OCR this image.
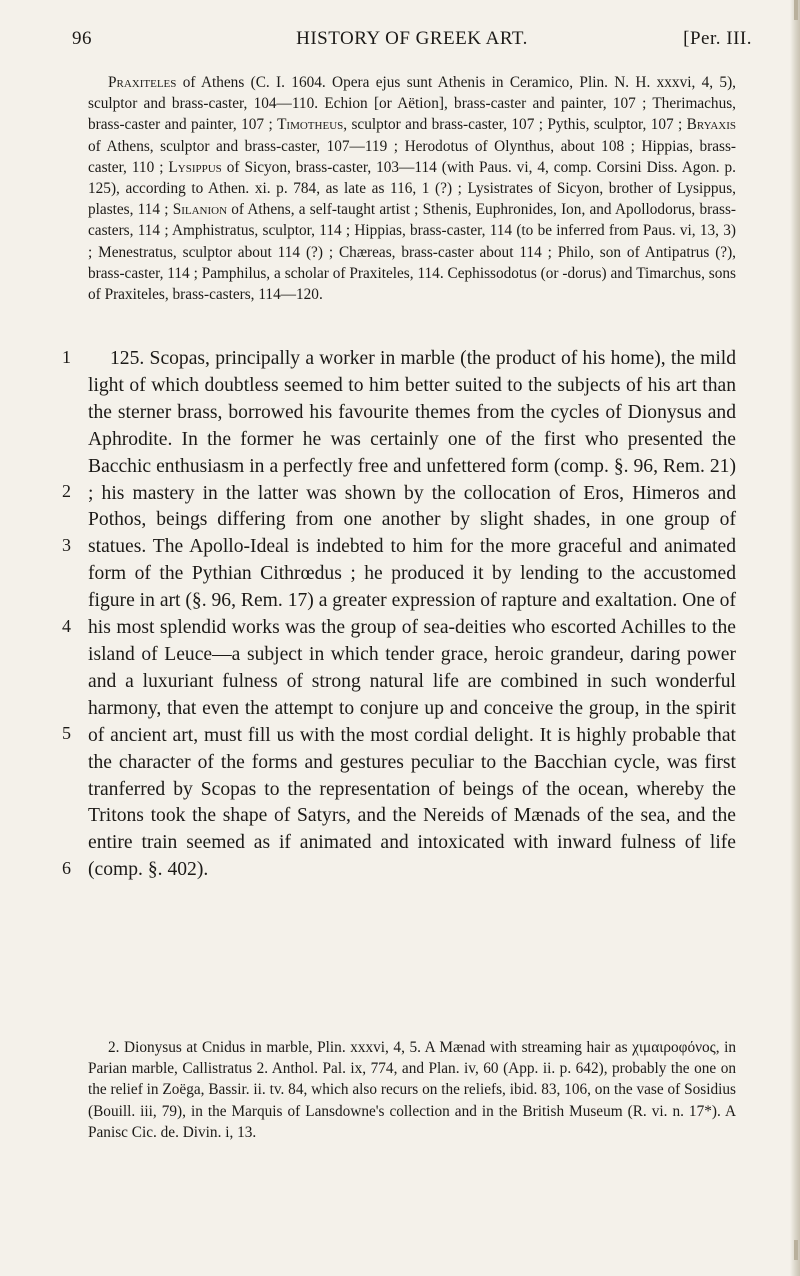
96	HISTORY OF GREEK ART.	[Per. III.
Praxiteles of Athens (C. I. 1604. Opera ejus sunt Athenis in Ceramico, Plin. N. H. xxxvi, 4, 5), sculptor and brass-caster, 104—110. Echion [or Aëtion], brass-caster and painter, 107 ; Therimachus, brass-caster and painter, 107 ; Timotheus, sculptor and brass-caster, 107 ; Pythis, sculptor, 107 ; Bryaxis of Athens, sculptor and brass-caster, 107—119 ; Herodotus of Olynthus, about 108 ; Hippias, brass-caster, 110 ; Lysippus of Sicyon, brass-caster, 103—114 (with Paus. vi, 4, comp. Corsini Diss. Agon. p. 125), according to Athen. xi. p. 784, as late as 116, 1 (?) ; Lysistrates of Sicyon, brother of Lysippus, plastes, 114 ; Silanion of Athens, a self-taught artist ; Sthenis, Euphronides, Ion, and Apollodorus, brass-casters, 114 ; Amphistratus, sculptor, 114 ; Hippias, brass-caster, 114 (to be inferred from Paus. vi, 13, 3) ; Menestratus, sculptor about 114 (?) ; Chæreas, brass-caster about 114 ; Philo, son of Antipatrus (?), brass-caster, 114 ; Pamphilus, a scholar of Praxiteles, 114. Cephissodotus (or -dorus) and Timarchus, sons of Praxiteles, brass-casters, 114—120.
1
2
3
4
5
6
125. Scopas, principally a worker in marble (the product of his home), the mild light of which doubtless seemed to him better suited to the subjects of his art than the sterner brass, borrowed his favourite themes from the cycles of Dionysus and Aphrodite. In the former he was certainly one of the first who presented the Bacchic enthusiasm in a perfectly free and unfettered form (comp. §. 96, Rem. 21) ; his mastery in the latter was shown by the collocation of Eros, Himeros and Pothos, beings differing from one another by slight shades, in one group of statues. The Apollo-Ideal is indebted to him for the more graceful and animated form of the Pythian Cithrœdus ; he produced it by lending to the accustomed figure in art (§. 96, Rem. 17) a greater expression of rapture and exaltation. One of his most splendid works was the group of sea-deities who escorted Achilles to the island of Leuce—a subject in which tender grace, heroic grandeur, daring power and a luxuriant fulness of strong natural life are combined in such wonderful harmony, that even the attempt to conjure up and conceive the group, in the spirit of ancient art, must fill us with the most cordial delight. It is highly probable that the character of the forms and gestures peculiar to the Bacchian cycle, was first tranferred by Scopas to the representation of beings of the ocean, whereby the Tritons took the shape of Satyrs, and the Nereids of Mænads of the sea, and the entire train seemed as if animated and intoxicated with inward fulness of life (comp. §. 402).
2. Dionysus at Cnidus in marble, Plin. xxxvi, 4, 5. A Mænad with streaming hair as χιμαιροφόνος, in Parian marble, Callistratus 2. Anthol. Pal. ix, 774, and Plan. iv, 60 (App. ii. p. 642), probably the one on the relief in Zoëga, Bassir. ii. tv. 84, which also recurs on the reliefs, ibid. 83, 106, on the vase of Sosidius (Bouill. iii, 79), in the Marquis of Lansdowne's collection and in the British Museum (R. vi. n. 17*). A Panisc Cic. de. Divin. i, 13.
